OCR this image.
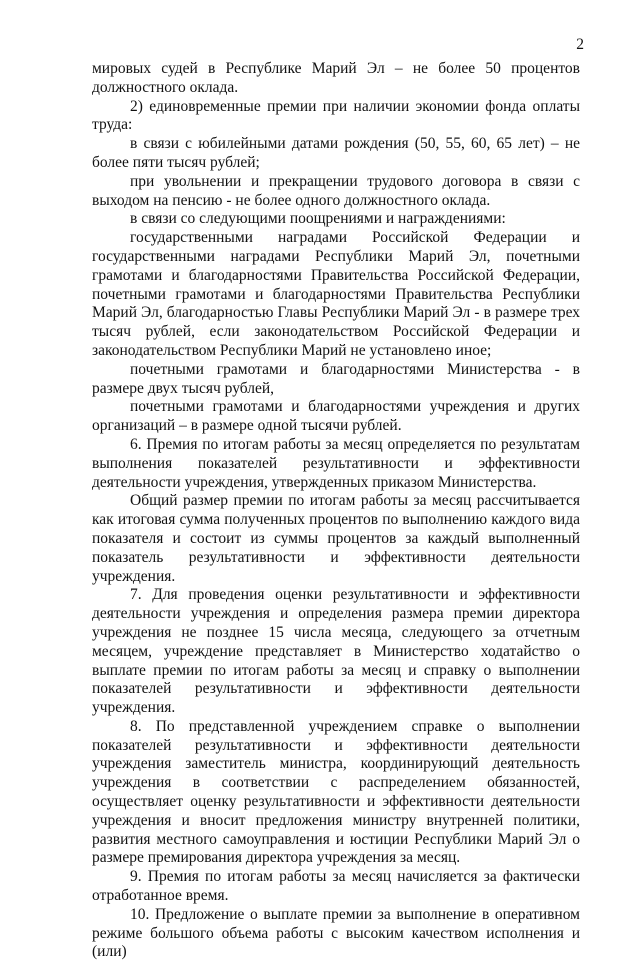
2

мировых судей в Республике Марий Эл – не более 50 процентов должностного оклада.

2) единовременные премии при наличии экономии фонда оплаты труда:

в связи с юбилейными датами рождения (50, 55, 60, 65 лет) – не более пяти тысяч рублей;

при увольнении и прекращении трудового договора в связи с выходом на пенсию - не более одного должностного оклада.

в связи со следующими поощрениями и награждениями:

государственными наградами Российской Федерации и государственными наградами Республики Марий Эл, почетными грамотами и благодарностями Правительства Российской Федерации, почетными грамотами и благодарностями Правительства Республики Марий Эл, благодарностью Главы Республики Марий Эл - в размере трех тысяч рублей, если законодательством Российской Федерации и законодательством Республики Марий не установлено иное;

почетными грамотами и благодарностями Министерства - в размере двух тысяч рублей,

почетными грамотами и благодарностями учреждения и других организаций – в размере одной тысячи рублей.

6. Премия по итогам работы за месяц определяется по результатам выполнения показателей результативности и эффективности деятельности учреждения, утвержденных приказом Министерства.

Общий размер премии по итогам работы за месяц рассчитывается как итоговая сумма полученных процентов по выполнению каждого вида показателя и состоит из суммы процентов за каждый выполненный показатель результативности и эффективности деятельности учреждения.

7. Для проведения оценки результативности и эффективности деятельности учреждения и определения размера премии директора учреждения не позднее 15 числа месяца, следующего за отчетным месяцем, учреждение представляет в Министерство ходатайство о выплате премии по итогам работы за месяц и справку о выполнении показателей результативности и эффективности деятельности учреждения.

8. По представленной учреждением справке о выполнении показателей результативности и эффективности деятельности учреждения заместитель министра, координирующий деятельность учреждения в соответствии с распределением обязанностей, осуществляет оценку результативности и эффективности деятельности учреждения и вносит предложения министру внутренней политики, развития местного самоуправления и юстиции Республики Марий Эл о размере премирования директора учреждения за месяц.

9. Премия по итогам работы за месяц начисляется за фактически отработанное время.

10. Предложение о выплате премии за выполнение в оперативном режиме большого объема работы с высоким качеством исполнения и (или)
